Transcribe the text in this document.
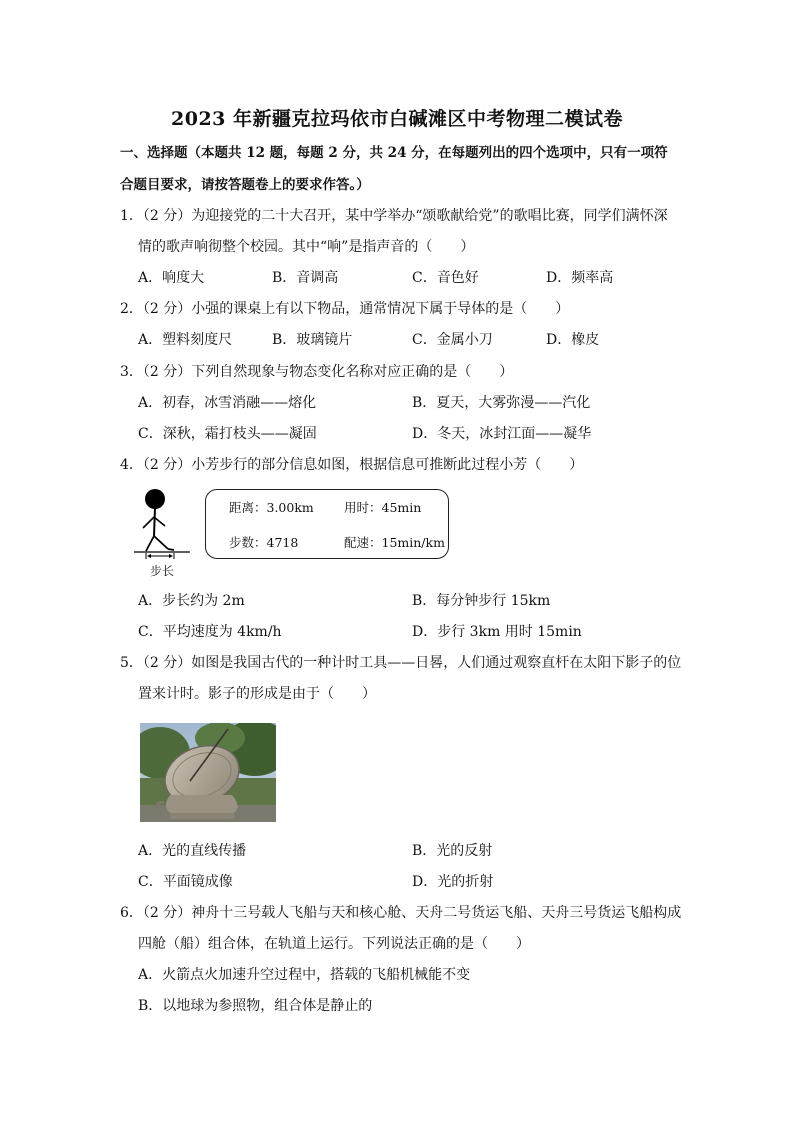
2023 年新疆克拉玛依市白碱滩区中考物理二模试卷
一、选择题（本题共 12 题，每题 2 分，共 24 分，在每题列出的四个选项中，只有一项符
合题目要求，请按答题卷上的要求作答。）
1．（2 分）为迎接党的二十大召开，某中学举办“颂歌献给党”的歌唱比赛，同学们满怀深
情的歌声响彻整个校园。其中“响”是指声音的（　　）
A．响度大	B．音调高	C．音色好	D．频率高
2．（2 分）小强的课桌上有以下物品，通常情况下属于导体的是（　　）
A．塑料刻度尺	B．玻璃镜片	C．金属小刀	D．橡皮
3．（2 分）下列自然现象与物态变化名称对应正确的是（　　）
A．初春，冰雪消融——熔化	B．夏天，大雾弥漫——汽化
C．深秋，霜打枝头——凝固	D．冬天，冰封江面——凝华
4．（2 分）小芳步行的部分信息如图，根据信息可推断此过程小芳（　　）
步长
距离：3.00km 用时：45min
步数：4718	配速：15min/km
A．步长约为 2m	B．每分钟步行 15km
C．平均速度为 4km/h	D．步行 3km 用时 15min
5．（2 分）如图是我国古代的一种计时工具——日晷，人们通过观察直杆在太阳下影子的位
置来计时。影子的形成是由于（　　）
A．光的直线传播	B．光的反射
C．平面镜成像	D．光的折射
6．（2 分）神舟十三号载人飞船与天和核心舱、天舟二号货运飞船、天舟三号货运飞船构成
四舱（船）组合体，在轨道上运行。下列说法正确的是（　　）
A．火箭点火加速升空过程中，搭载的飞船机械能不变
B．以地球为参照物，组合体是静止的
